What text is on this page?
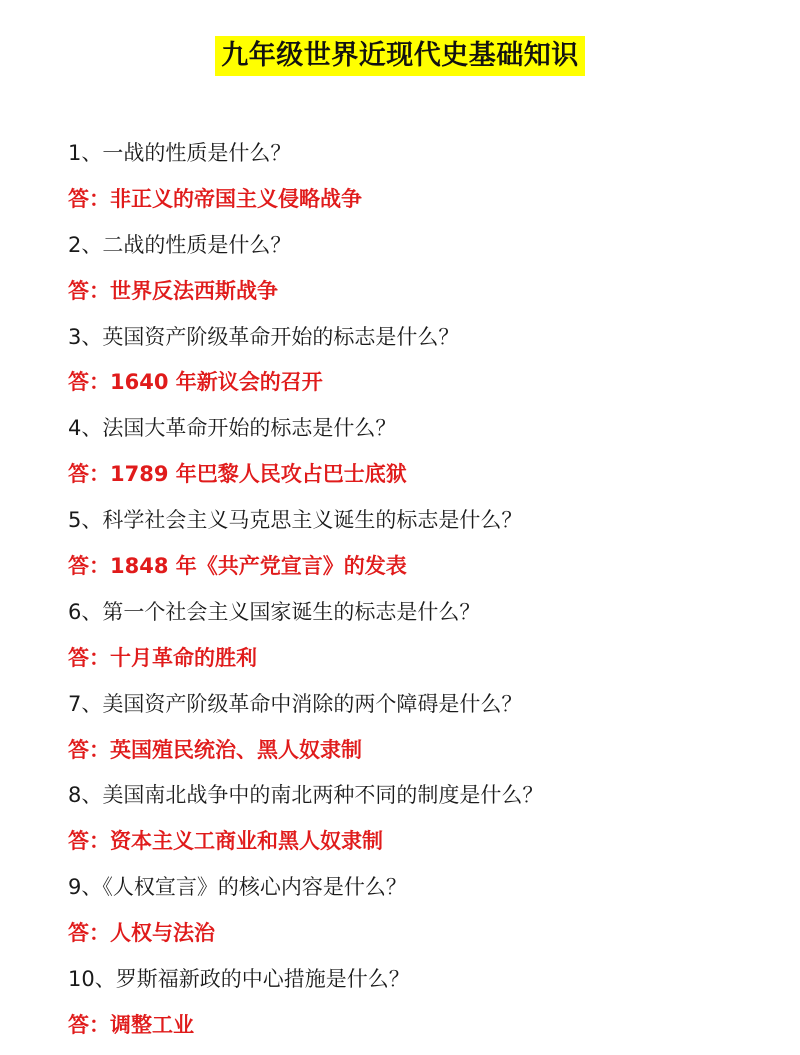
九年级世界近现代史基础知识
1、一战的性质是什么？
答：非正义的帝国主义侵略战争
2、二战的性质是什么？
答：世界反法西斯战争
3、英国资产阶级革命开始的标志是什么？
答：1640 年新议会的召开
4、法国大革命开始的标志是什么？
答：1789 年巴黎人民攻占巴士底狱
5、科学社会主义马克思主义诞生的标志是什么？
答：1848 年《共产党宣言》的发表
6、第一个社会主义国家诞生的标志是什么？
答：十月革命的胜利
7、美国资产阶级革命中消除的两个障碍是什么？
答：英国殖民统治、黑人奴隶制
8、美国南北战争中的南北两种不同的制度是什么？
答：资本主义工商业和黑人奴隶制
9、《人权宣言》的核心内容是什么？
答：人权与法治
10、罗斯福新政的中心措施是什么？
答：调整工业
